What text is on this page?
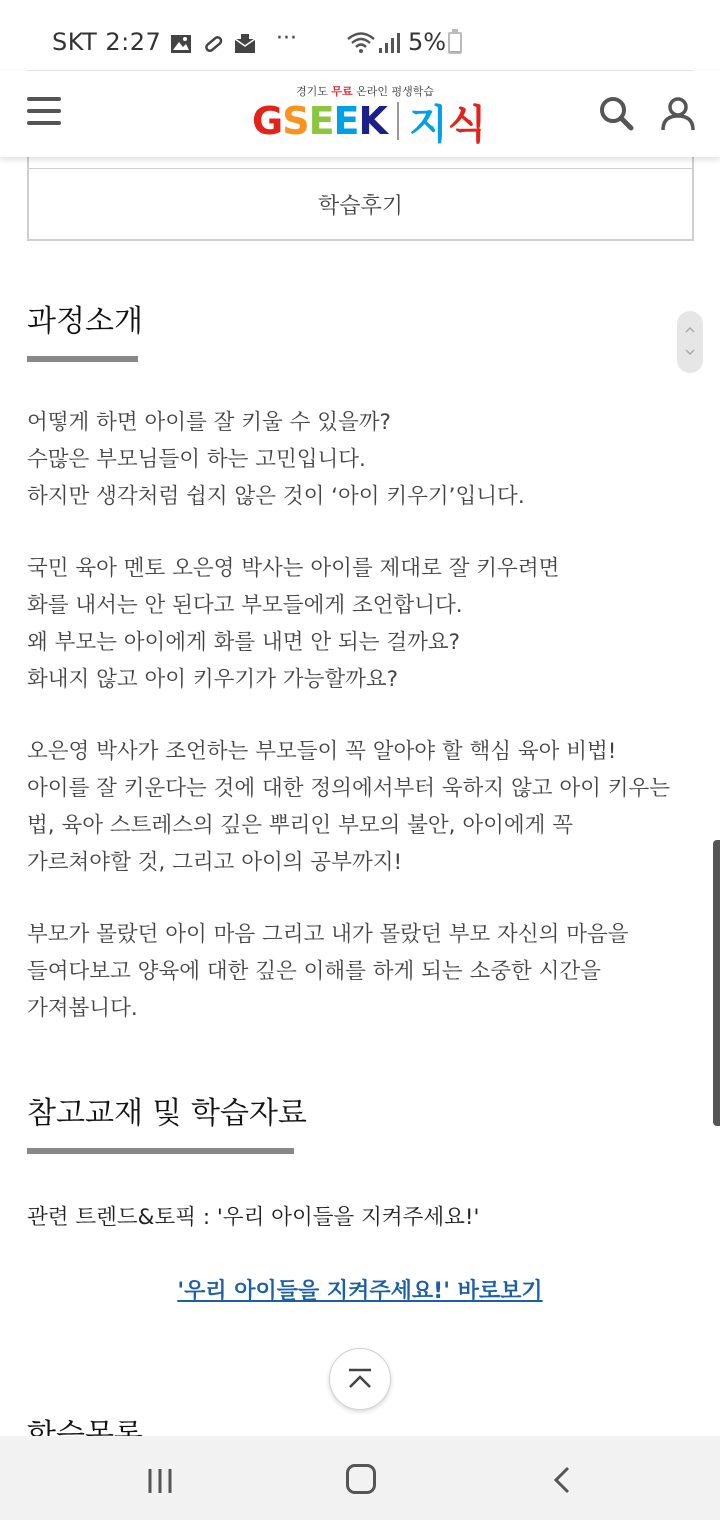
SKT 2:27	···	5%
경기도 무료 온라인 평생학습
GSEEK 지식
학습후기
과정소개
어떻게 하면 아이를 잘 키울 수 있을까?
수많은 부모님들이 하는 고민입니다.
하지만 생각처럼 쉽지 않은 것이 ‘아이 키우기’입니다.
국민 육아 멘토 오은영 박사는 아이를 제대로 잘 키우려면
화를 내서는 안 된다고 부모들에게 조언합니다.
왜 부모는 아이에게 화를 내면 안 되는 걸까요?
화내지 않고 아이 키우기가 가능할까요?
오은영 박사가 조언하는 부모들이 꼭 알아야 할 핵심 육아 비법!
아이를 잘 키운다는 것에 대한 정의에서부터 욱하지 않고 아이 키우는
법, 육아 스트레스의 깊은 뿌리인 부모의 불안, 아이에게 꼭
가르쳐야할 것, 그리고 아이의 공부까지!
부모가 몰랐던 아이 마음 그리고 내가 몰랐던 부모 자신의 마음을
들여다보고 양육에 대한 깊은 이해를 하게 되는 소중한 시간을
가져봅니다.
참고교재 및 학습자료
관련 트렌드&토픽 : '우리 아이들을 지켜주세요!'
'우리 아이들을 지켜주세요!' 바로보기
